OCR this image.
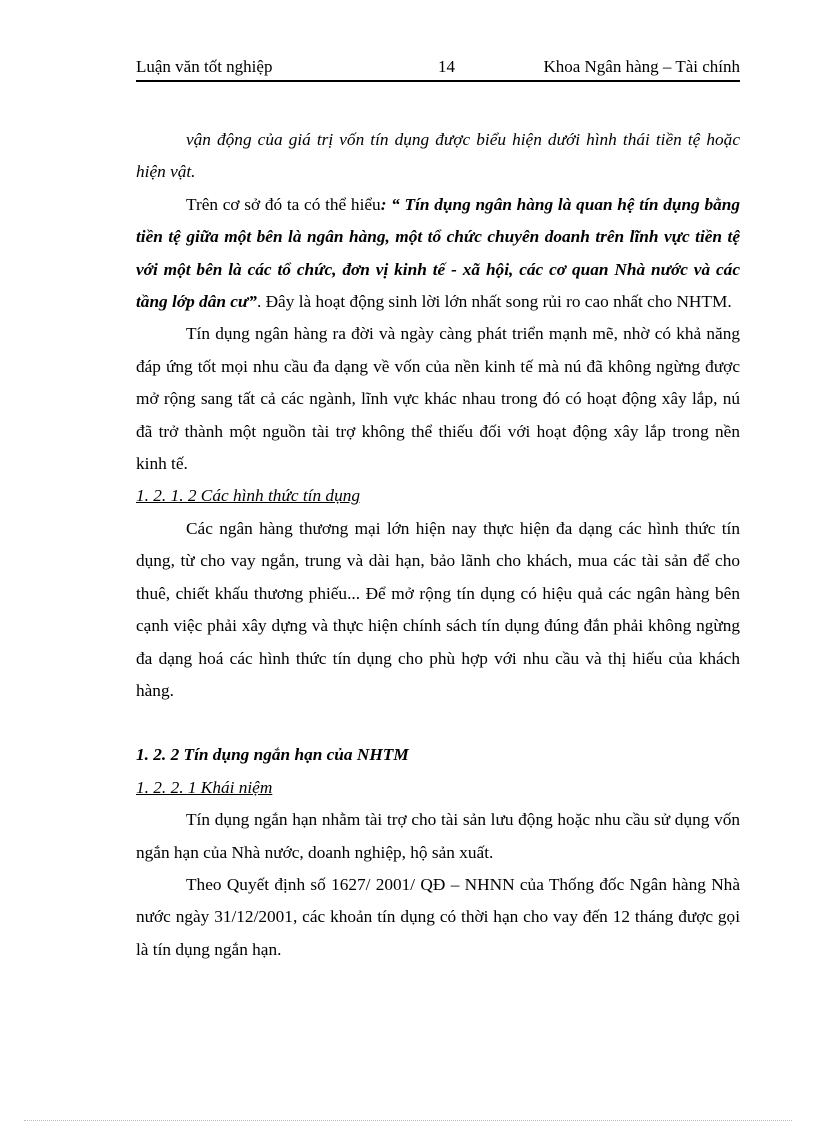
Luận văn tốt nghiệp	14	Khoa Ngân hàng – Tài chính

vận động của giá trị vốn tín dụng được biểu hiện dưới hình thái tiền tệ hoặc hiện vật.

Trên cơ sở đó ta có thể hiểu: “ Tín dụng ngân hàng là quan hệ tín dụng bằng tiền tệ giữa một bên là ngân hàng, một tổ chức chuyên doanh trên lĩnh vực tiền tệ với một bên là các tổ chức, đơn vị kinh tế - xã hội, các cơ quan Nhà nước và các tầng lớp dân cư”. Đây là hoạt động sinh lời lớn nhất song rủi ro cao nhất cho NHTM.

Tín dụng ngân hàng ra đời và ngày càng phát triển mạnh mẽ, nhờ có khả năng đáp ứng tốt mọi nhu cầu đa dạng về vốn của nền kinh tế mà nú đã không ngừng được mở rộng sang tất cả các ngành, lĩnh vực khác nhau trong đó có hoạt động xây lắp, nú đã trở thành một nguồn tài trợ không thể thiếu đối với hoạt động xây lắp trong nền kinh tế.

1. 2. 1. 2 Các hình thức tín dụng

Các ngân hàng thương mại lớn hiện nay thực hiện đa dạng các hình thức tín dụng, từ cho vay ngắn, trung và dài hạn, bảo lãnh cho khách, mua các tài sản để cho thuê, chiết khấu thương phiếu... Để mở rộng tín dụng có hiệu quả các ngân hàng bên cạnh việc phải xây dựng và thực hiện chính sách tín dụng đúng đắn phải không ngừng đa dạng hoá các hình thức tín dụng cho phù hợp với nhu cầu và thị hiếu của khách hàng.

1. 2. 2 Tín dụng ngắn hạn của NHTM

1. 2. 2. 1 Khái niệm

Tín dụng ngắn hạn nhằm tài trợ cho tài sản lưu động hoặc nhu cầu sử dụng vốn ngắn hạn của Nhà nước, doanh nghiệp, hộ sản xuất.

Theo Quyết định số 1627/ 2001/ QĐ – NHNN của Thống đốc Ngân hàng Nhà nước ngày 31/12/2001, các khoản tín dụng có thời hạn cho vay đến 12 tháng được gọi là tín dụng ngắn hạn.
